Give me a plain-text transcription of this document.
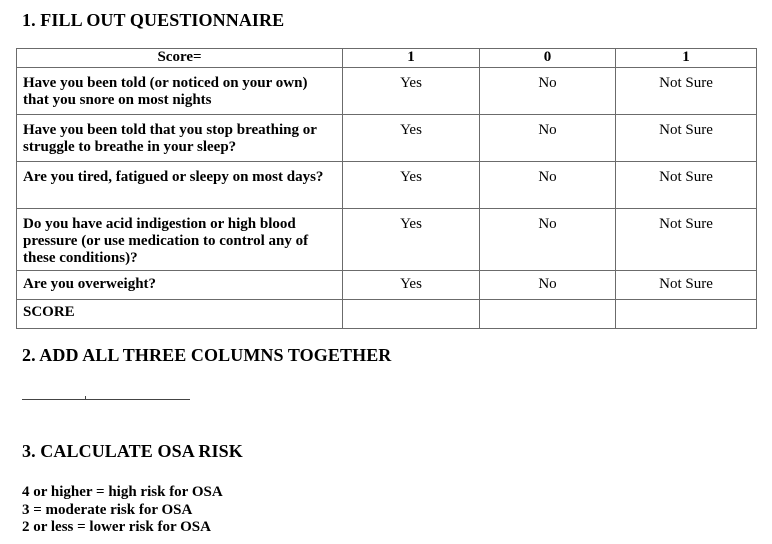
1. FILL OUT QUESTIONNAIRE
Score=	1	0	1
Have you been told (or noticed on your own) that you snore on most nights	Yes	No	Not Sure
Have you been told that you stop breathing or struggle to breathe in your sleep?	Yes	No	Not Sure
Are you tired, fatigued or sleepy on most days?	Yes	No	Not Sure
Do you have acid indigestion or high blood pressure (or use medication to control any of these conditions)?	Yes	No	Not Sure
Are you overweight?	Yes	No	Not Sure
SCORE			
2. ADD ALL THREE COLUMNS TOGETHER
3. CALCULATE OSA RISK
4 or higher = high risk for OSA
3 = moderate risk for OSA
2 or less = lower risk for OSA
